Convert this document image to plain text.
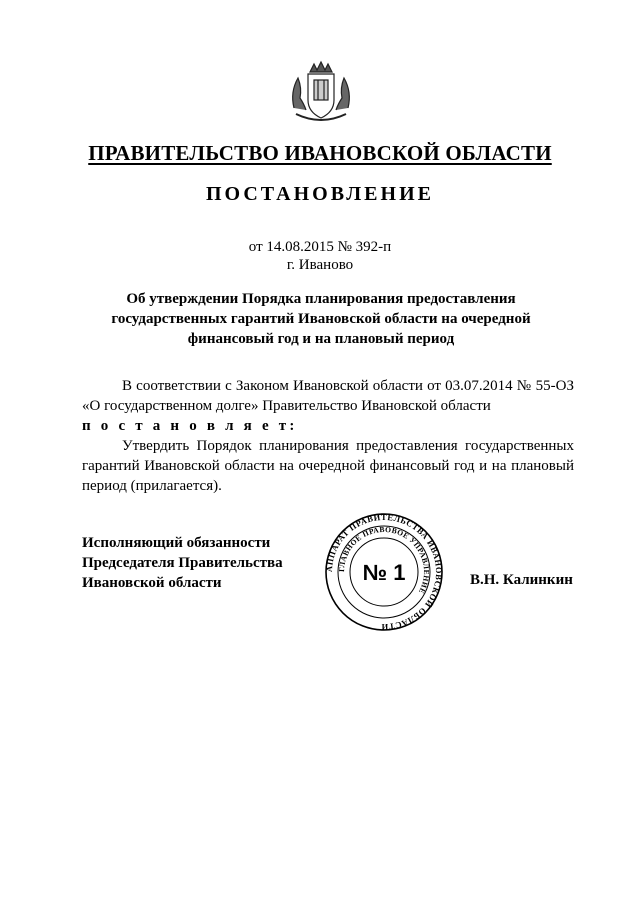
ПРАВИТЕЛЬСТВО ИВАНОВСКОЙ ОБЛАСТИ
ПОСТАНОВЛЕНИЕ
от 14.08.2015 № 392-п
г. Иваново
Об утверждении Порядка планирования предоставления
государственных гарантий Ивановской области на очередной
финансовый год и на плановый период

В соответствии с Законом Ивановской области от 03.07.2014 № 55-ОЗ «О государственном долге» Правительство Ивановской области

п о с т а н о в л я е т:

Утвердить Порядок планирования предоставления государственных гарантий Ивановской области на очередной финансовый год и на плановый период (прилагается).

Исполняющий обязанности
Председателя Правительства
Ивановской области
АППАРАТ ПРАВИТЕЛЬСТВА ИВАНОВСКОЙ ОБЛАСТИ
ГЛАВНОЕ ПРАВОВОЕ УПРАВЛЕНИЕ
№ 1	В.Н. Калинкин
